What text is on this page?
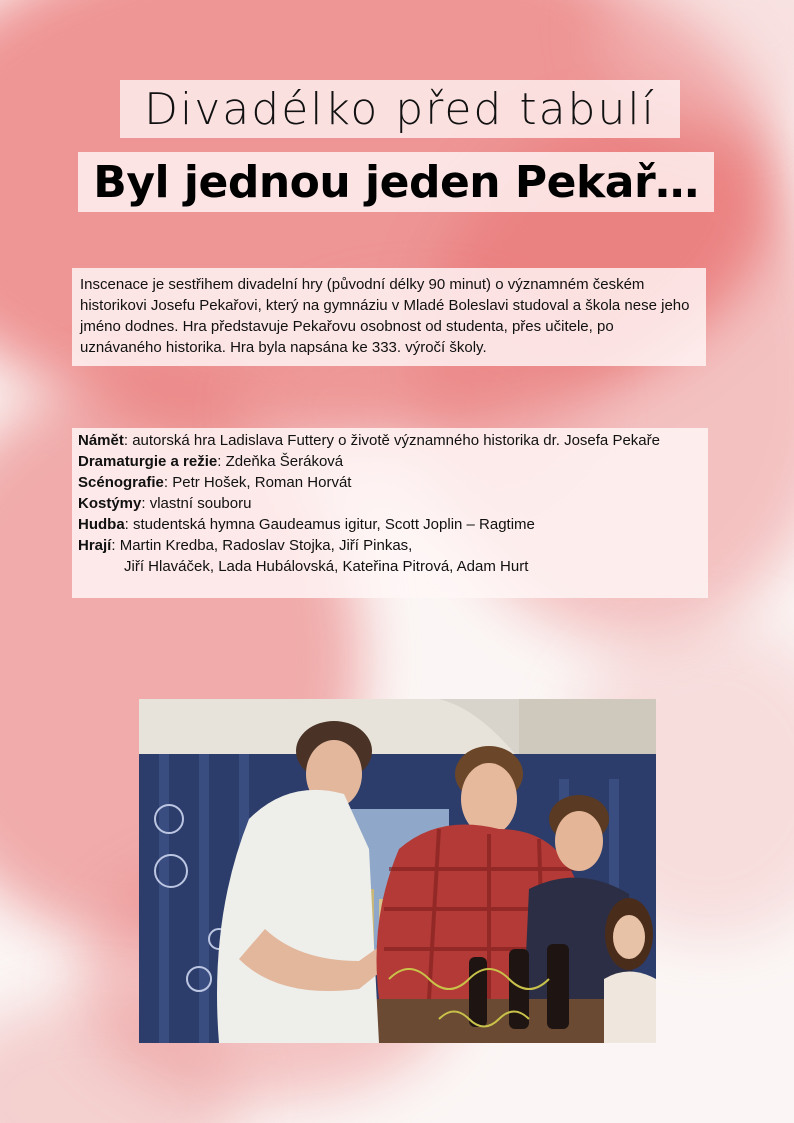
Divadélko před tabulí
Byl jednou jeden Pekař…
Inscenace je sestřihem divadelní hry (původní délky 90 minut) o významném českém historikovi Josefu Pekařovi, který na gymnáziu v Mladé Boleslavi studoval a škola nese jeho jméno dodnes. Hra představuje Pekařovu osobnost od studenta, přes učitele, po uznávaného historika. Hra byla napsána ke 333. výročí školy.

Námět: autorská hra Ladislava Futtery o životě významného historika dr. Josefa Pekaře

Dramaturgie a režie: Zdeňka Šeráková

Scénografie: Petr Hošek, Roman Horvát

Kostýmy: vlastní souboru

Hudba: studentská hymna Gaudeamus igitur, Scott Joplin – Ragtime

Hrají: Martin Kredba, Radoslav Stojka, Jiří Pinkas,

Jiří Hlaváček, Lada Hubálovská, Kateřina Pitrová, Adam Hurt
